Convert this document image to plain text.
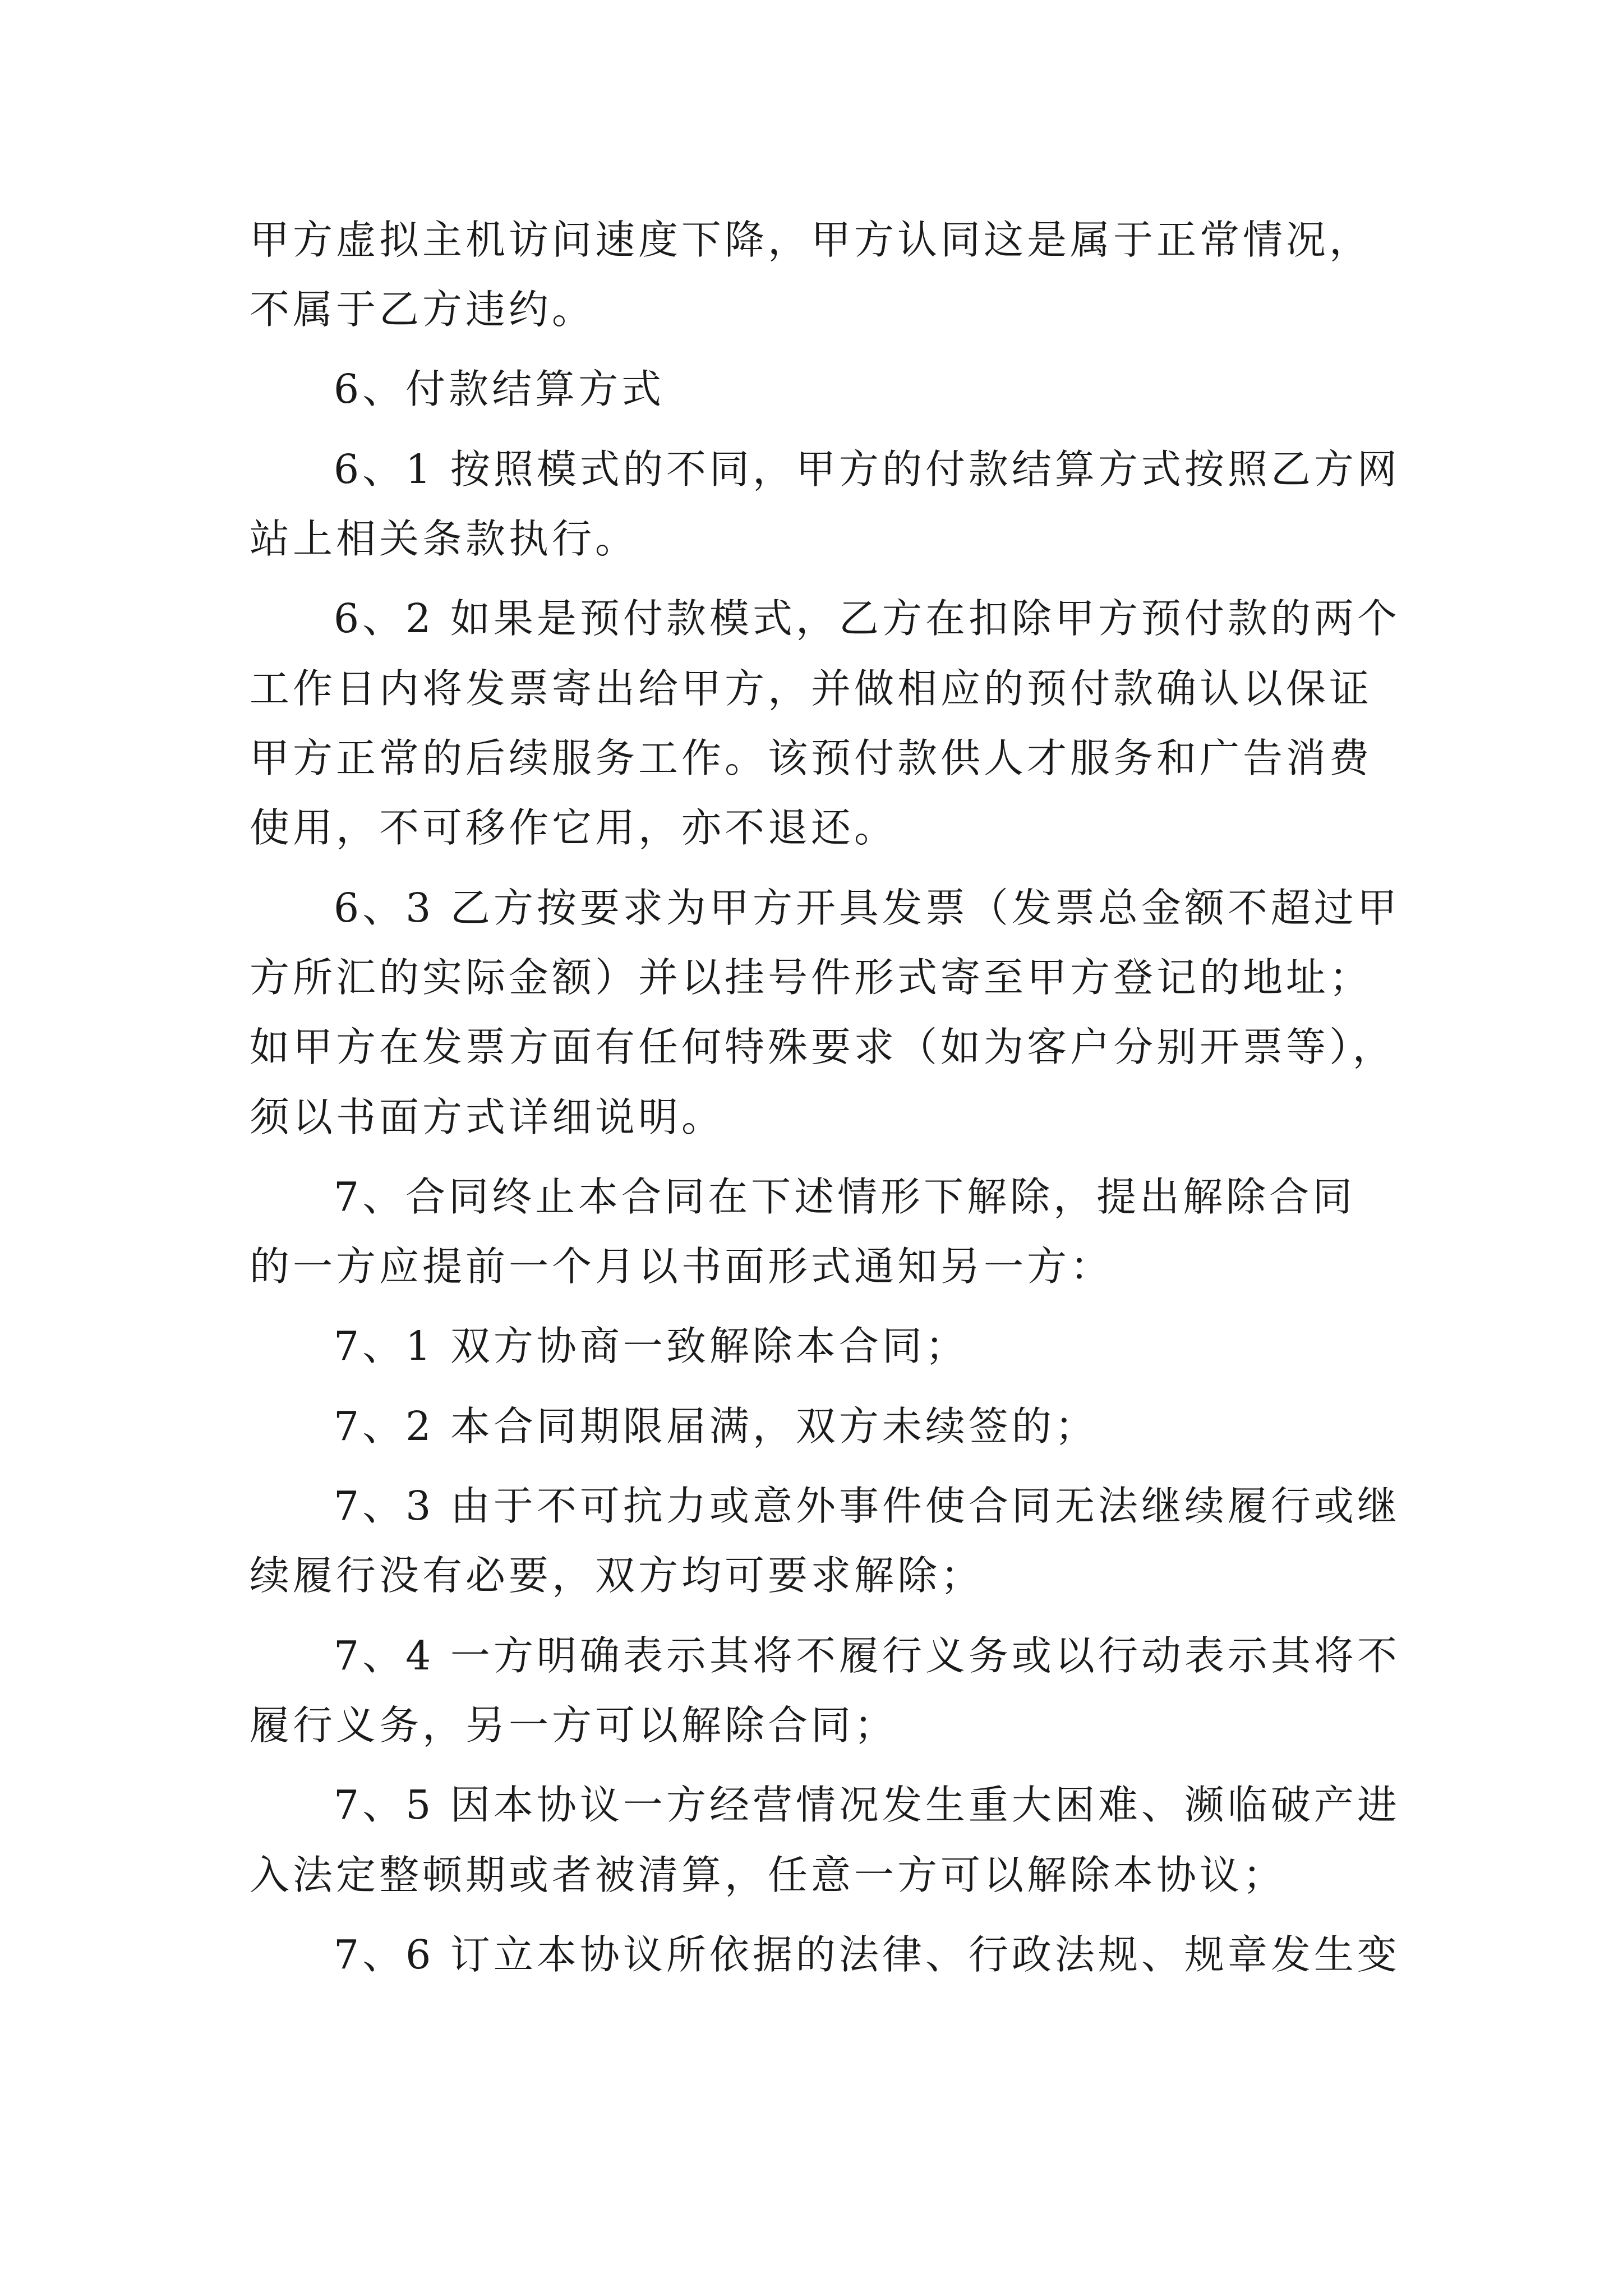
甲方虚拟主机访问速度下降，甲方认同这是属于正常情况，
不属于乙方违约。
6、付款结算方式
6、1 按照模式的不同，甲方的付款结算方式按照乙方网
站上相关条款执行。
6、2 如果是预付款模式，乙方在扣除甲方预付款的两个
工作日内将发票寄出给甲方，并做相应的预付款确认以保证
甲方正常的后续服务工作。该预付款供人才服务和广告消费
使用，不可移作它用，亦不退还。
6、3 乙方按要求为甲方开具发票（发票总金额不超过甲
方所汇的实际金额）并以挂号件形式寄至甲方登记的地址；
如甲方在发票方面有任何特殊要求（如为客户分别开票等），
须以书面方式详细说明。
7、合同终止本合同在下述情形下解除，提出解除合同
的一方应提前一个月以书面形式通知另一方：
7、1 双方协商一致解除本合同；
7、2 本合同期限届满，双方未续签的；
7、3 由于不可抗力或意外事件使合同无法继续履行或继
续履行没有必要，双方均可要求解除；
7、4 一方明确表示其将不履行义务或以行动表示其将不
履行义务，另一方可以解除合同；
7、5 因本协议一方经营情况发生重大困难、濒临破产进
入法定整顿期或者被清算，任意一方可以解除本协议；
7、6 订立本协议所依据的法律、行政法规、规章发生变
